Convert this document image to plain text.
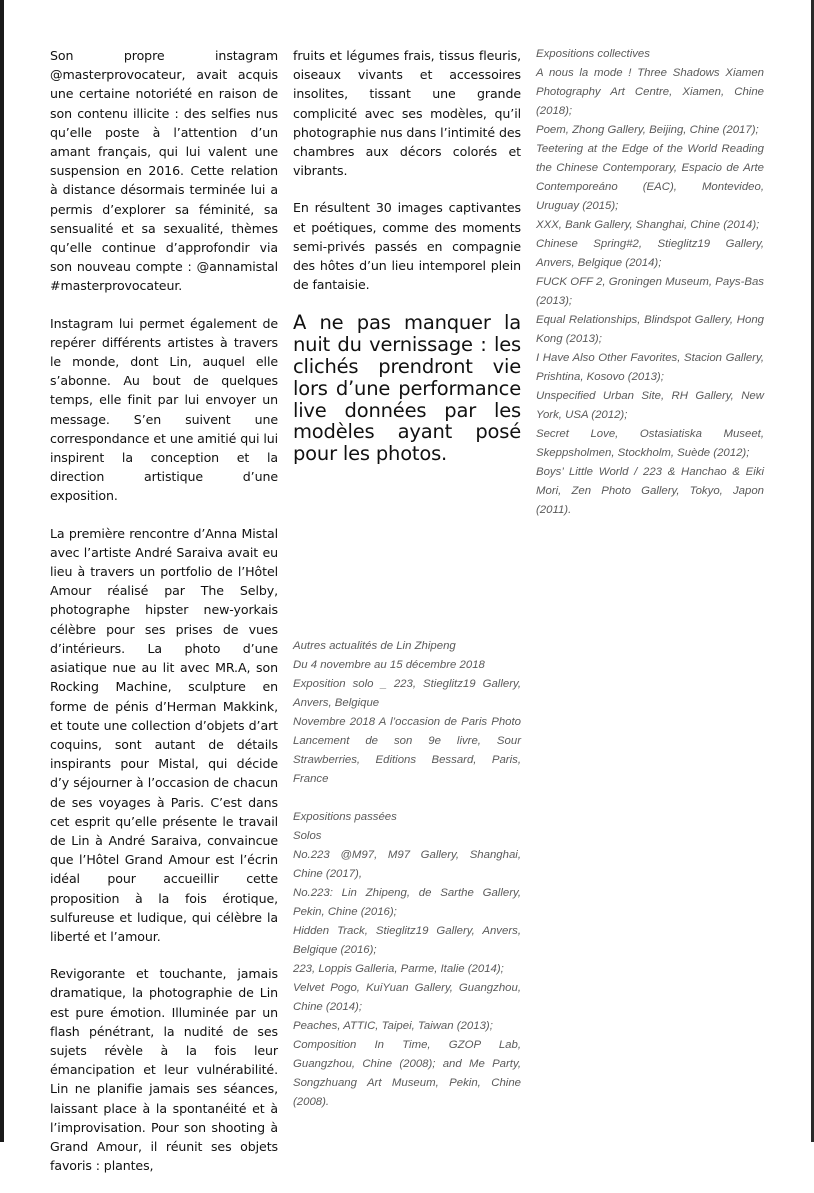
Son propre instagram @masterprovocateur, avait acquis une certaine notoriété en raison de son contenu illicite : des selfies nus qu’elle poste à l’attention d’un amant français, qui lui valent une suspension en 2016. Cette relation à distance désormais terminée lui a permis d’explorer sa féminité, sa sensualité et sa sexualité, thèmes qu’elle continue d’approfondir via son nouveau compte : @annamistal #masterprovocateur.

Instagram lui permet également de repérer différents artistes à travers le monde, dont Lin, auquel elle s’abonne. Au bout de quelques temps, elle finit par lui envoyer un message. S’en suivent une correspondance et une amitié qui lui inspirent la conception et la direction artistique d’une exposition.

La première rencontre d’Anna Mistal avec l’artiste André Saraiva avait eu lieu à travers un portfolio de l’Hôtel Amour réalisé par The Selby, photographe hipster new-yorkais célèbre pour ses prises de vues d’intérieurs. La photo d’une asiatique nue au lit avec MR.A, son Rocking Machine, sculpture en forme de pénis d’Herman Makkink, et toute une collection d’objets d’art coquins, sont autant de détails inspirants pour Mistal, qui décide d’y séjourner à l’occasion de chacun de ses voyages à Paris. C’est dans cet esprit qu’elle présente le travail de Lin à André Saraiva, convaincue que l’Hôtel Grand Amour est l’écrin idéal pour accueillir cette proposition à la fois érotique, sulfureuse et ludique, qui célèbre la liberté et l’amour.

Revigorante et touchante, jamais dramatique, la photographie de Lin est pure émotion. Illuminée par un flash pénétrant, la nudité de ses sujets révèle à la fois leur émancipation et leur vulnérabilité. Lin ne planifie jamais ses séances, laissant place à la spontanéité et à l’improvisation. Pour son shooting à Grand Amour, il réunit ses objets favoris : plantes,

fruits et légumes frais, tissus fleuris, oiseaux vivants et accessoires insolites, tissant une grande complicité avec ses modèles, qu’il photographie nus dans l’intimité des chambres aux décors colorés et vibrants.

En résultent 30 images captivantes et poétiques, comme des moments semi-privés passés en compagnie des hôtes d’un lieu intemporel plein de fantaisie.

A ne pas manquer la nuit du vernissage : les clichés prendront vie lors d’une performance live données par les modèles ayant posé pour les photos.

Autres actualités de Lin Zhipeng

Du 4 novembre au 15 décembre 2018

Exposition solo _ 223, Stieglitz19 Gallery, Anvers, Belgique

Novembre 2018 A l’occasion de Paris Photo Lancement de son 9e livre, Sour Strawberries, Editions Bessard, Paris, France

Expositions passées

Solos

No.223 @M97, M97 Gallery, Shanghai, Chine (2017),

No.223: Lin Zhipeng, de Sarthe Gallery, Pekin, Chine (2016);

Hidden Track, Stieglitz19 Gallery, Anvers, Belgique (2016);

223, Loppis Galleria, Parme, Italie (2014);

Velvet Pogo, KuiYuan Gallery, Guangzhou, Chine (2014);

Peaches, ATTIC, Taipei, Taiwan (2013);

Composition In Time, GZOP Lab, Guangzhou, Chine (2008); and Me Party, Songzhuang Art Museum, Pekin, Chine (2008).

Expositions collectives

A nous la mode ! Three Shadows Xiamen Photography Art Centre, Xiamen, Chine (2018);

Poem, Zhong Gallery, Beijing, Chine (2017);

Teetering at the Edge of the World Reading the Chinese Contemporary, Espacio de Arte Contemporeáno (EAC), Montevideo, Uruguay (2015);

XXX, Bank Gallery, Shanghai, Chine (2014);

Chinese Spring#2, Stieglitz19 Gallery, Anvers, Belgique (2014);

FUCK OFF 2, Groningen Museum, Pays-Bas (2013);

Equal Relationships, Blindspot Gallery, Hong Kong (2013);

I Have Also Other Favorites, Stacion Gallery, Prishtina, Kosovo (2013);

Unspecified Urban Site, RH Gallery, New York, USA (2012);

Secret Love, Ostasiatiska Museet, Skeppsholmen, Stockholm, Suède (2012);

Boys’ Little World / 223 & Hanchao & Eiki Mori, Zen Photo Gallery, Tokyo, Japon (2011).
